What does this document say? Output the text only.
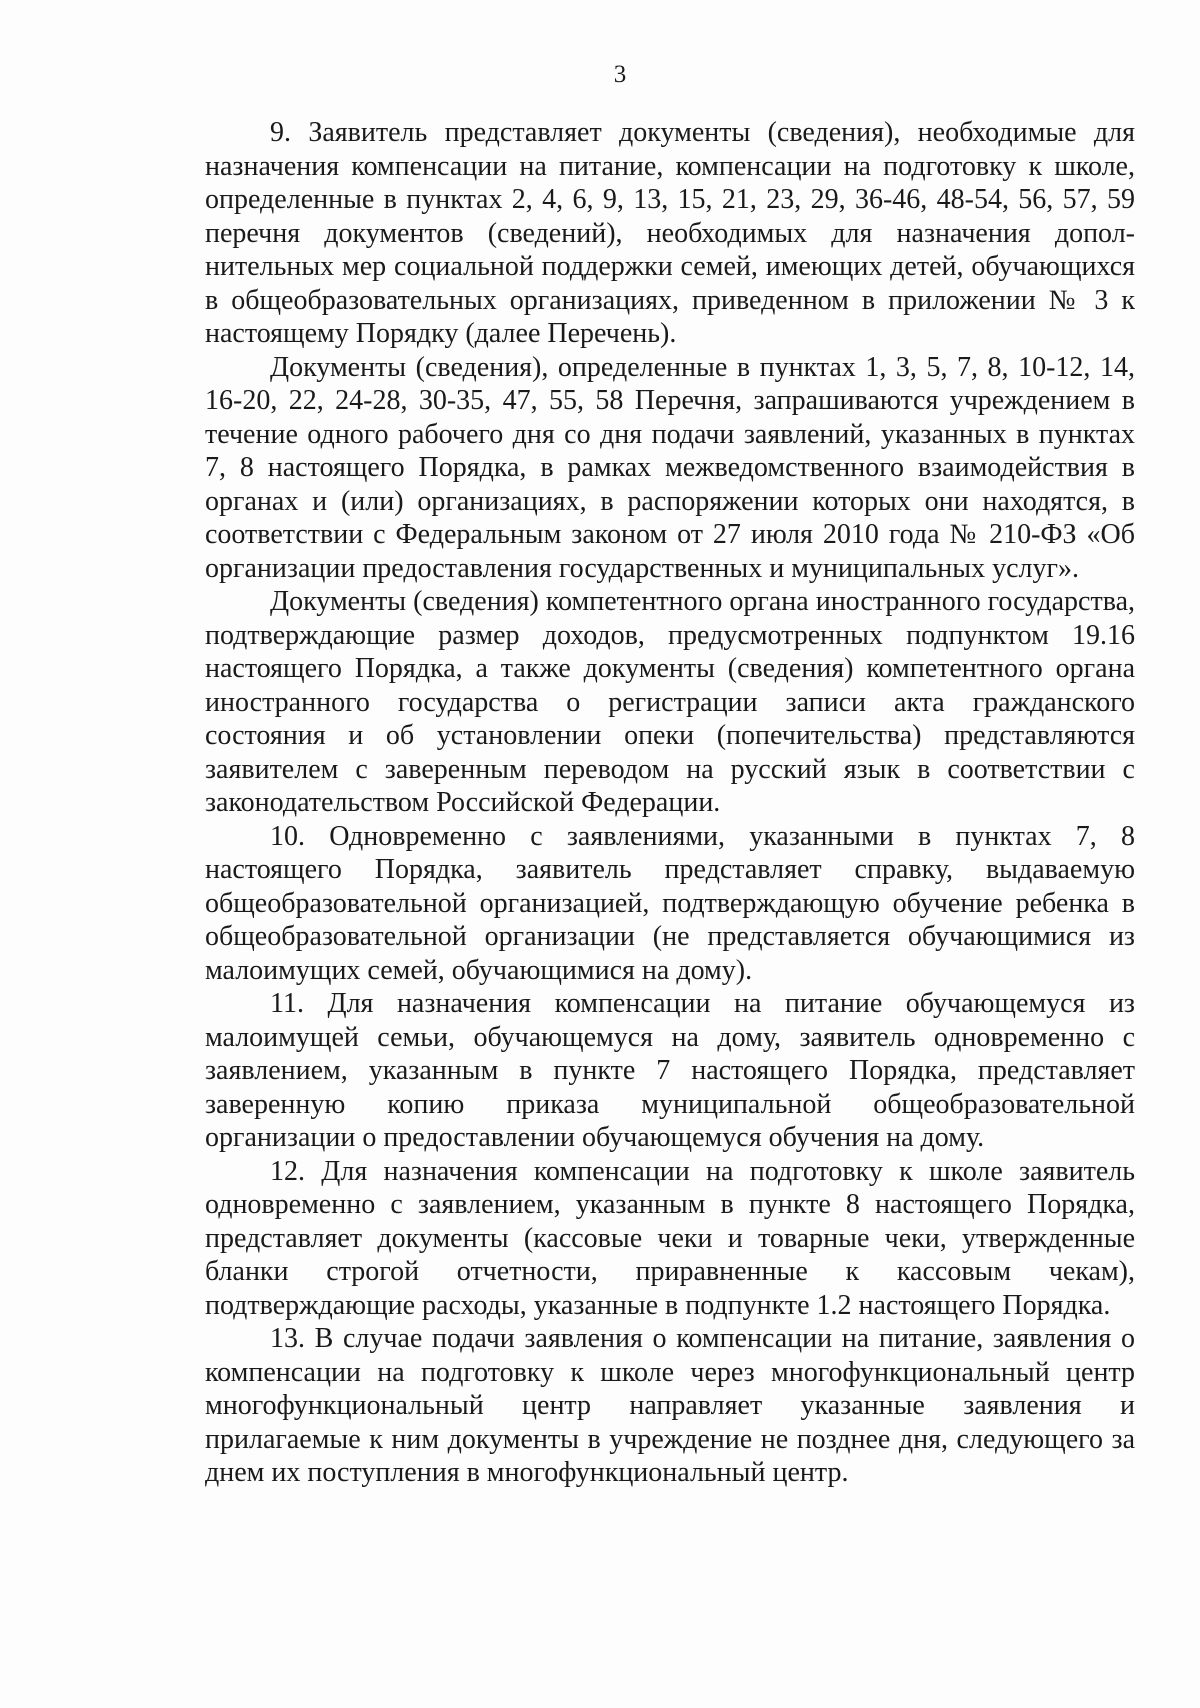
3

9. Заявитель представляет документы (сведения), необходимые для назначения компенсации на питание, компенсации на подготовку к школе, определенные в пунктах 2, 4, 6, 9, 13, 15, 21, 23, 29, 36-46, 48-54, 56, 57, 59 перечня документов (сведений), необходимых для назначения дополнительных мер социальной поддержки семей, имеющих детей, обучающихся в общеобразовательных организациях, приведенном в приложении № 3 к настоящему Порядку (далее Перечень).

Документы (сведения), определенные в пунктах 1, 3, 5, 7, 8, 10-12, 14, 16-20, 22, 24-28, 30-35, 47, 55, 58 Перечня, запрашиваются учреждением в течение одного рабочего дня со дня подачи заявлений, указанных в пунктах 7, 8 настоящего Порядка, в рамках межведомственного взаимодействия в органах и (или) организациях, в распоряжении которых они находятся, в соответствии с Федеральным законом от 27 июля 2010 года № 210-ФЗ «Об организации предоставления государственных и муниципальных услуг».

Документы (сведения) компетентного органа иностранного государства, подтверждающие размер доходов, предусмотренных подпунктом 19.16 настоящего Порядка, а также документы (сведения) компетентного органа иностранного государства о регистрации записи акта гражданского состояния и об установлении опеки (попечительства) представляются заявителем с заверенным переводом на русский язык в соответствии с законодательством Российской Федерации.

10. Одновременно с заявлениями, указанными в пунктах 7, 8 настоящего Порядка, заявитель представляет справку, выдаваемую общеобразовательной организацией, подтверждающую обучение ребенка в общеобразовательной организации (не представляется обучающимися из малоимущих семей, обучающимися на дому).

11. Для назначения компенсации на питание обучающемуся из малоимущей семьи, обучающемуся на дому, заявитель одновременно с заявлением, указанным в пункте 7 настоящего Порядка, представляет заверенную копию приказа муниципальной общеобразовательной организации о предоставлении обучающемуся обучения на дому.

12. Для назначения компенсации на подготовку к школе заявитель одновременно с заявлением, указанным в пункте 8 настоящего Порядка, представляет документы (кассовые чеки и товарные чеки, утвержденные бланки строгой отчетности, приравненные к кассовым чекам), подтверждающие расходы, указанные в подпункте 1.2 настоящего Порядка.

13. В случае подачи заявления о компенсации на питание, заявления о компенсации на подготовку к школе через многофункциональный центр многофункциональный центр направляет указанные заявления и прилагаемые к ним документы в учреждение не позднее дня, следующего за днем их поступления в многофункциональный центр.
